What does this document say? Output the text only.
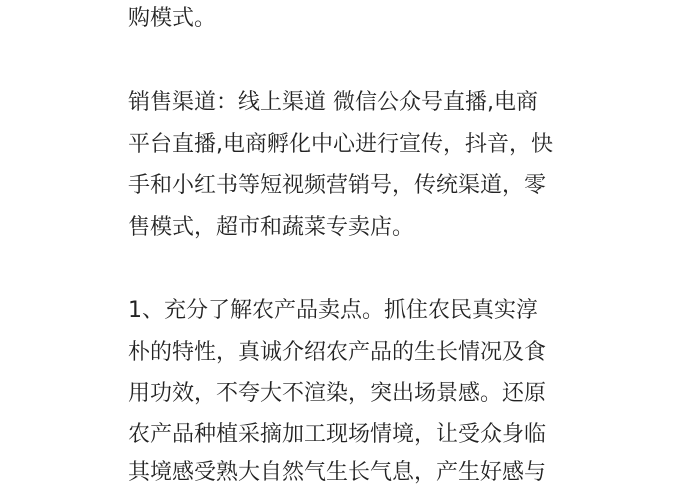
购模式。
销售渠道：线上渠道 微信公众号直播,电商
平台直播,电商孵化中心进行宣传，抖音，快
手和小红书等短视频营销号，传统渠道，零
售模式，超市和蔬菜专卖店。
1、充分了解农产品卖点。抓住农民真实淳
朴的特性，真诚介绍农产品的生长情况及食
用功效，不夸大不渲染，突出场景感。还原
农产品种植采摘加工现场情境，让受众身临
其境感受熟大自然气生长气息，产生好感与
